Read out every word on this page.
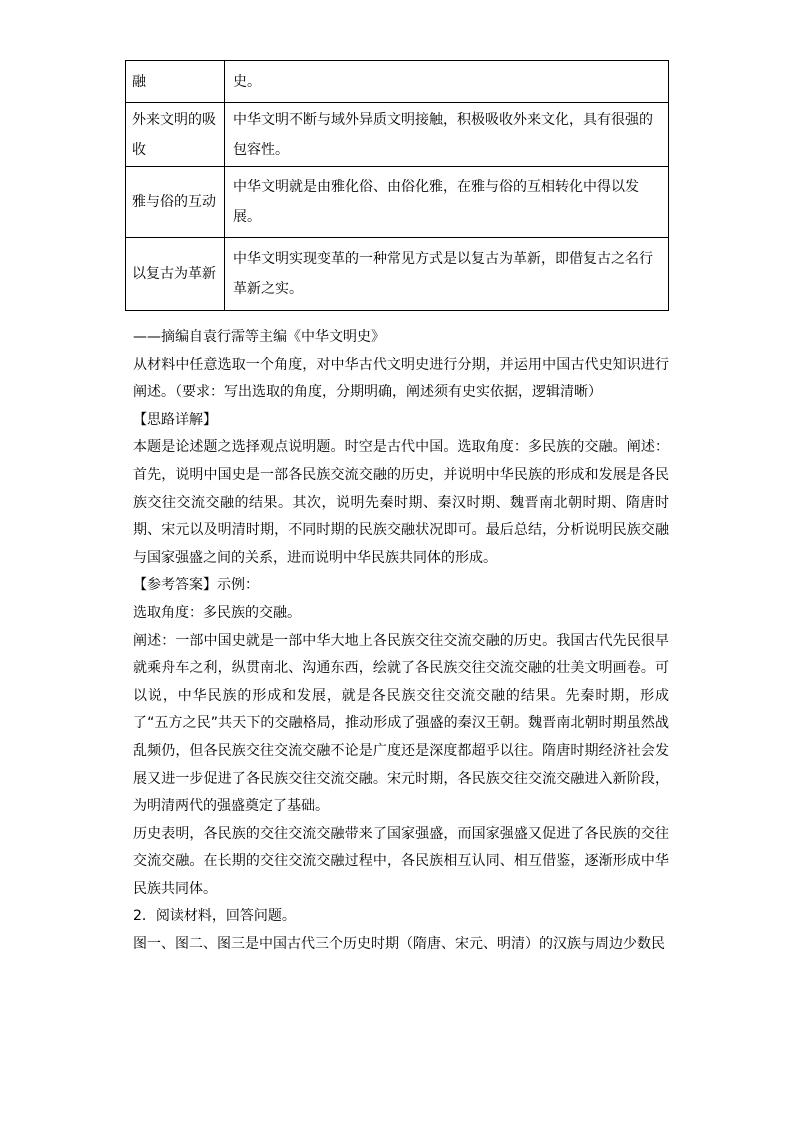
融	史。
外来文明的吸收	中华文明不断与域外异质文明接触，积极吸收外来文化，具有很强的包容性。
雅与俗的互动	中华文明就是由雅化俗、由俗化雅，在雅与俗的互相转化中得以发展。
以复古为革新	中华文明实现变革的一种常见方式是以复古为革新，即借复古之名行革新之实。

——摘编自袁行霈等主编《中华文明史》

从材料中任意选取一个角度，对中华古代文明史进行分期，并运用中国古代史知识进行阐述。（要求：写出选取的角度，分期明确，阐述须有史实依据，逻辑清晰）

【思路详解】

本题是论述题之选择观点说明题。时空是古代中国。选取角度：多民族的交融。阐述：首先，说明中国史是一部各民族交流交融的历史，并说明中华民族的形成和发展是各民族交往交流交融的结果。其次，说明先秦时期、秦汉时期、魏晋南北朝时期、隋唐时期、宋元以及明清时期，不同时期的民族交融状况即可。最后总结，分析说明民族交融与国家强盛之间的关系，进而说明中华民族共同体的形成。

【参考答案】示例：

选取角度：多民族的交融。

阐述：一部中国史就是一部中华大地上各民族交往交流交融的历史。我国古代先民很早就乘舟车之利，纵贯南北、沟通东西，绘就了各民族交往交流交融的壮美文明画卷。可以说，中华民族的形成和发展，就是各民族交往交流交融的结果。先秦时期，形成了“五方之民”共天下的交融格局，推动形成了强盛的秦汉王朝。魏晋南北朝时期虽然战乱频仍，但各民族交往交流交融不论是广度还是深度都超乎以往。隋唐时期经济社会发展又进一步促进了各民族交往交流交融。宋元时期，各民族交往交流交融进入新阶段，为明清两代的强盛奠定了基础。

历史表明，各民族的交往交流交融带来了国家强盛，而国家强盛又促进了各民族的交往交流交融。在长期的交往交流交融过程中，各民族相互认同、相互借鉴，逐渐形成中华民族共同体。

2．阅读材料，回答问题。

图一、图二、图三是中国古代三个历史时期（隋唐、宋元、明清）的汉族与周边少数民
